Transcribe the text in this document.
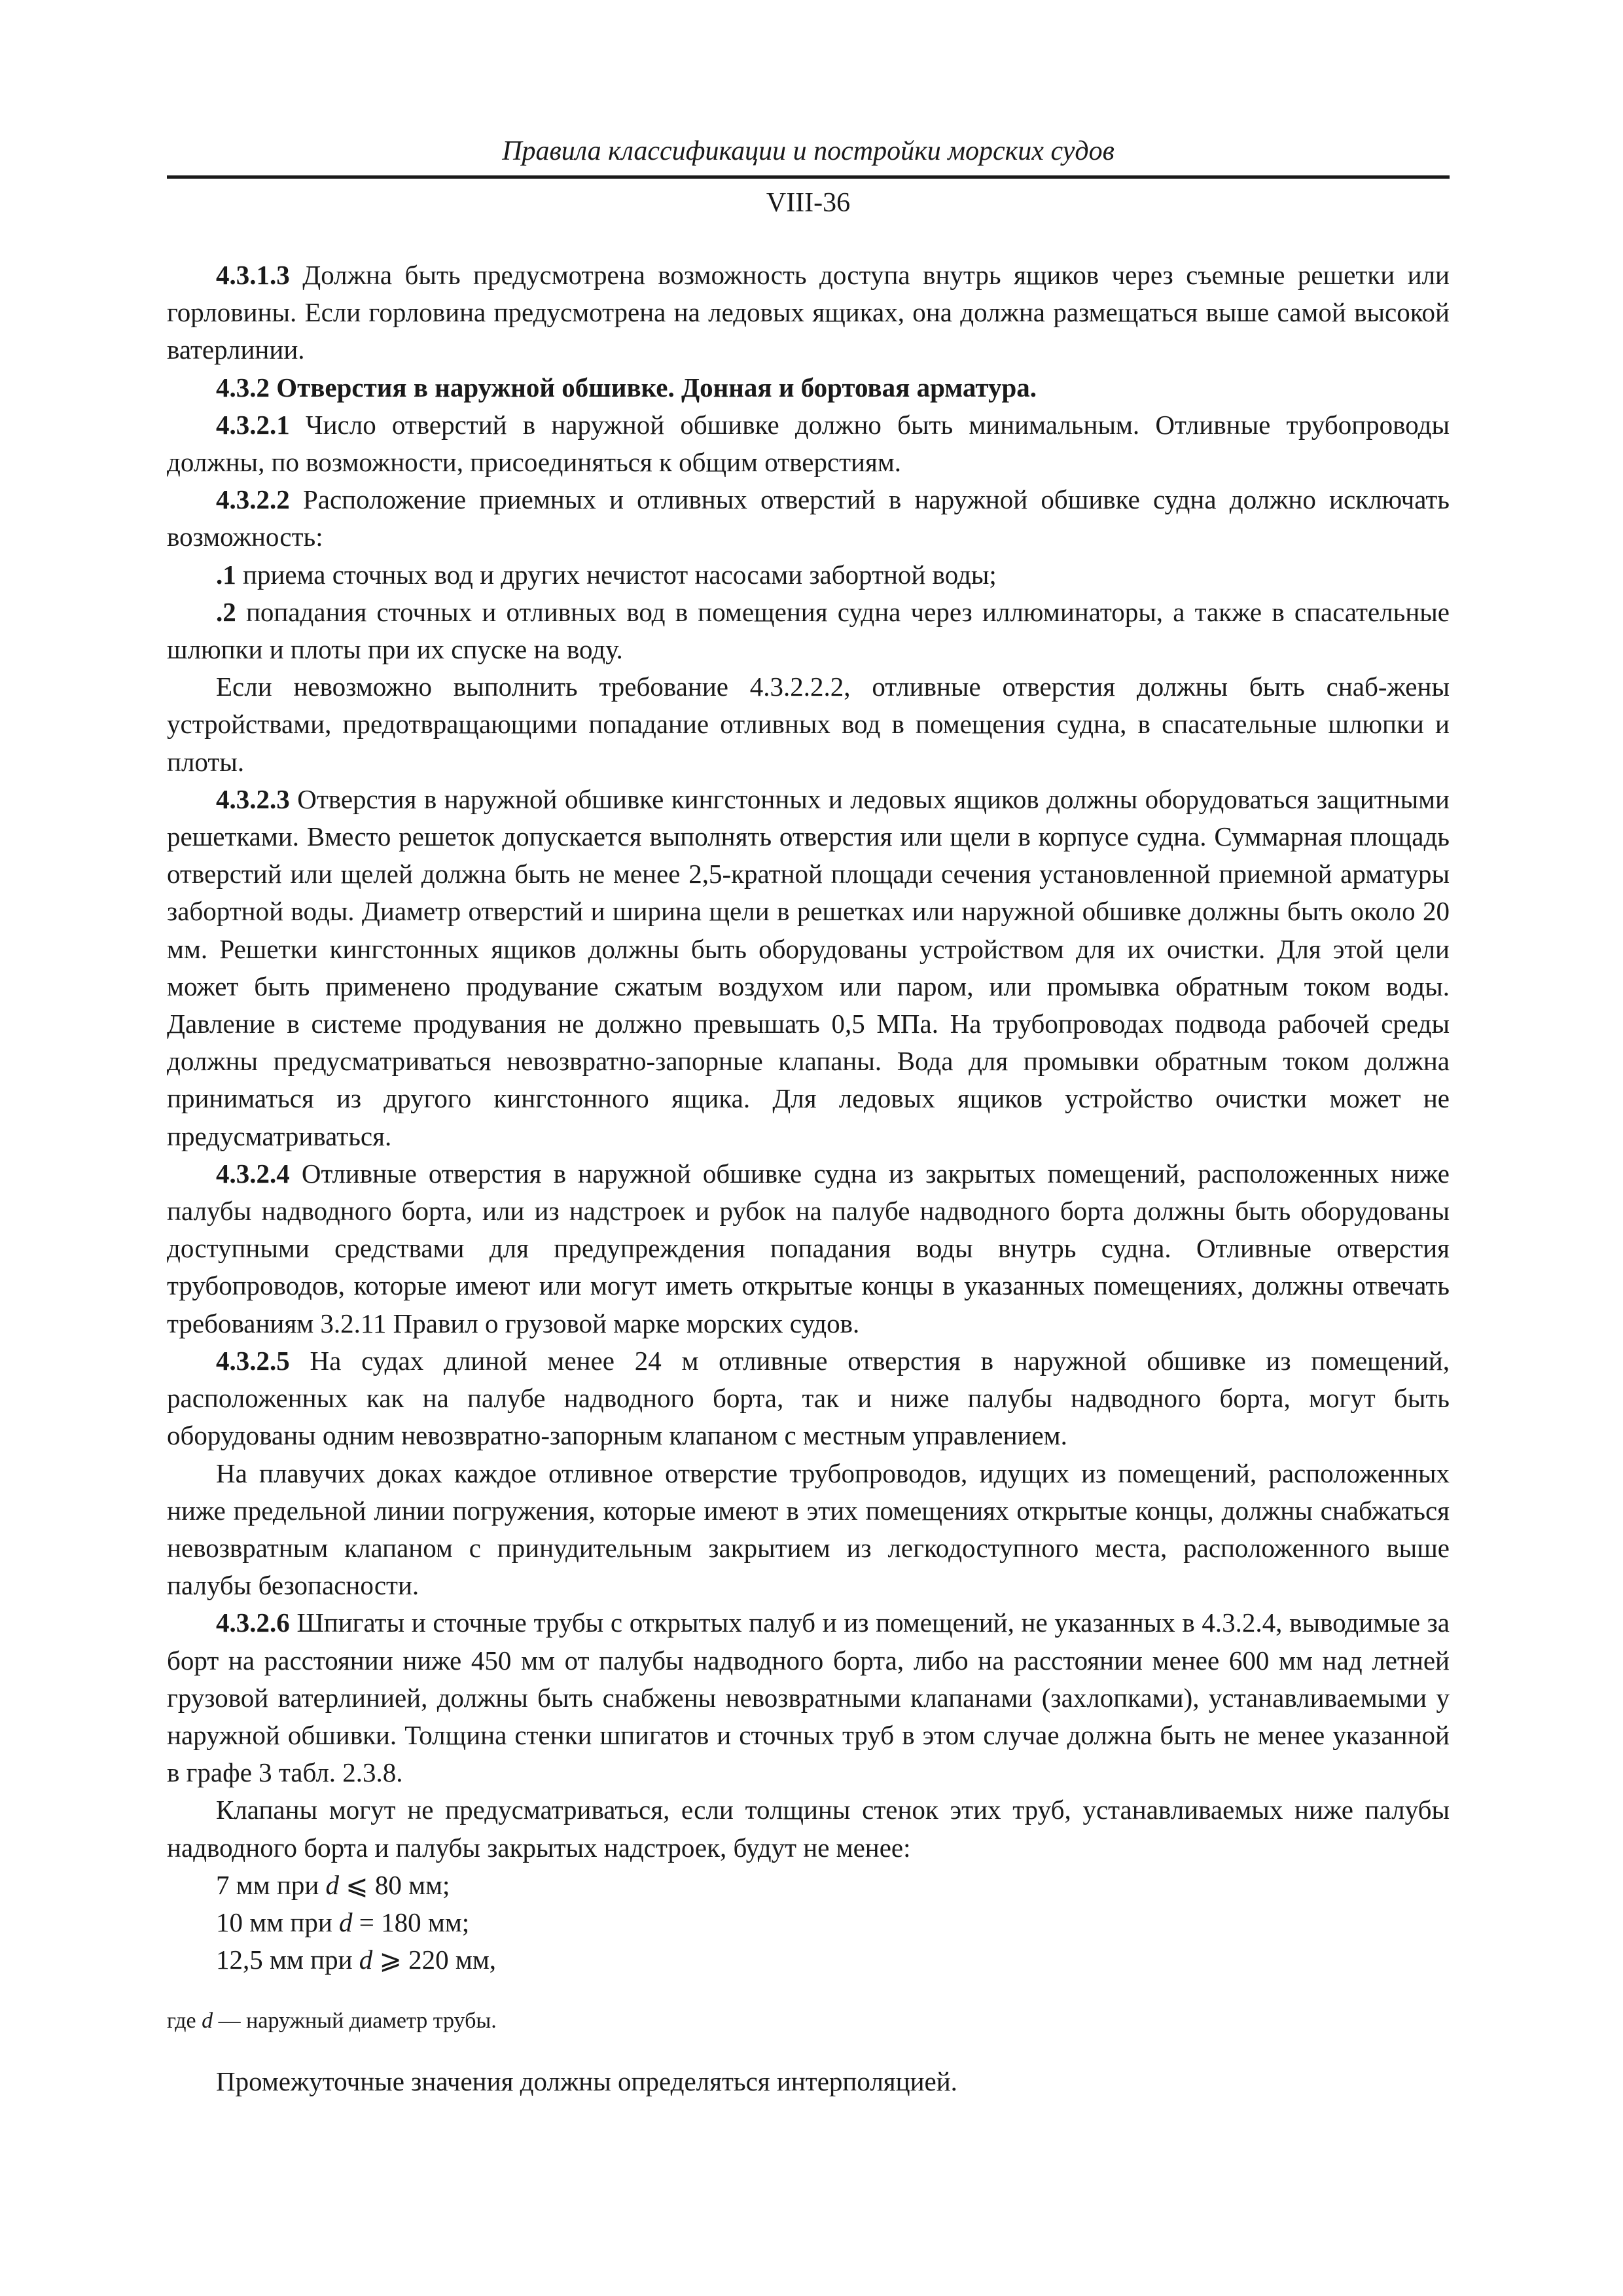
Правила классификации и постройки морских судов
VIII-36

4.3.1.3 Должна быть предусмотрена возможность доступа внутрь ящиков через съемные решетки или горловины. Если горловина предусмотрена на ледовых ящиках, она должна размещаться выше самой высокой ватерлинии.

4.3.2 Отверстия в наружной обшивке. Донная и бортовая арматура.

4.3.2.1 Число отверстий в наружной обшивке должно быть минимальным. Отливные трубопроводы должны, по возможности, присоединяться к общим отверстиям.

4.3.2.2 Расположение приемных и отливных отверстий в наружной обшивке судна должно исключать возможность:

.1 приема сточных вод и других нечистот насосами забортной воды;

.2 попадания сточных и отливных вод в помещения судна через иллюминаторы, а также в спасательные шлюпки и плоты при их спуске на воду.

Если невозможно выполнить требование 4.3.2.2.2, отливные отверстия должны быть снаб-жены устройствами, предотвращающими попадание отливных вод в помещения судна, в спасательные шлюпки и плоты.

4.3.2.3 Отверстия в наружной обшивке кингстонных и ледовых ящиков должны оборудоваться защитными решетками. Вместо решеток допускается выполнять отверстия или щели в корпусе судна. Суммарная площадь отверстий или щелей должна быть не менее 2,5-кратной площади сечения установленной приемной арматуры забортной воды. Диаметр отверстий и ширина щели в решетках или наружной обшивке должны быть около 20 мм. Решетки кингстонных ящиков должны быть оборудованы устройством для их очистки. Для этой цели может быть применено продувание сжатым воздухом или паром, или промывка обратным током воды. Давление в системе продувания не должно превышать 0,5 МПа. На трубопроводах подвода рабочей среды должны предусматриваться невозвратно-запорные клапаны. Вода для промывки обратным током должна приниматься из другого кингстонного ящика. Для ледовых ящиков устройство очистки может не предусматриваться.

4.3.2.4 Отливные отверстия в наружной обшивке судна из закрытых помещений, расположенных ниже палубы надводного борта, или из надстроек и рубок на палубе надводного борта должны быть оборудованы доступными средствами для предупреждения попадания воды внутрь судна. Отливные отверстия трубопроводов, которые имеют или могут иметь открытые концы в указанных помещениях, должны отвечать требованиям 3.2.11 Правил о грузовой марке морских судов.

4.3.2.5 На судах длиной менее 24 м отливные отверстия в наружной обшивке из помещений, расположенных как на палубе надводного борта, так и ниже палубы надводного борта, могут быть оборудованы одним невозвратно-запорным клапаном с местным управлением.

На плавучих доках каждое отливное отверстие трубопроводов, идущих из помещений, расположенных ниже предельной линии погружения, которые имеют в этих помещениях открытые концы, должны снабжаться невозвратным клапаном с принудительным закрытием из легкодоступного места, расположенного выше палубы безопасности.

4.3.2.6 Шпигаты и сточные трубы с открытых палуб и из помещений, не указанных в 4.3.2.4, выводимые за борт на расстоянии ниже 450 мм от палубы надводного борта, либо на расстоянии менее 600 мм над летней грузовой ватерлинией, должны быть снабжены невозвратными клапанами (захлопками), устанавливаемыми у наружной обшивки. Толщина стенки шпигатов и сточных труб в этом случае должна быть не менее указанной в графе 3 табл. 2.3.8.

Клапаны могут не предусматриваться, если толщины стенок этих труб, устанавливаемых ниже палубы надводного борта и палубы закрытых надстроек, будут не менее:

7 мм при d ⩽ 80 мм;

10 мм при d = 180 мм;

12,5 мм при d ⩾ 220 мм,

где d — наружный диаметр трубы.

Промежуточные значения должны определяться интерполяцией.
